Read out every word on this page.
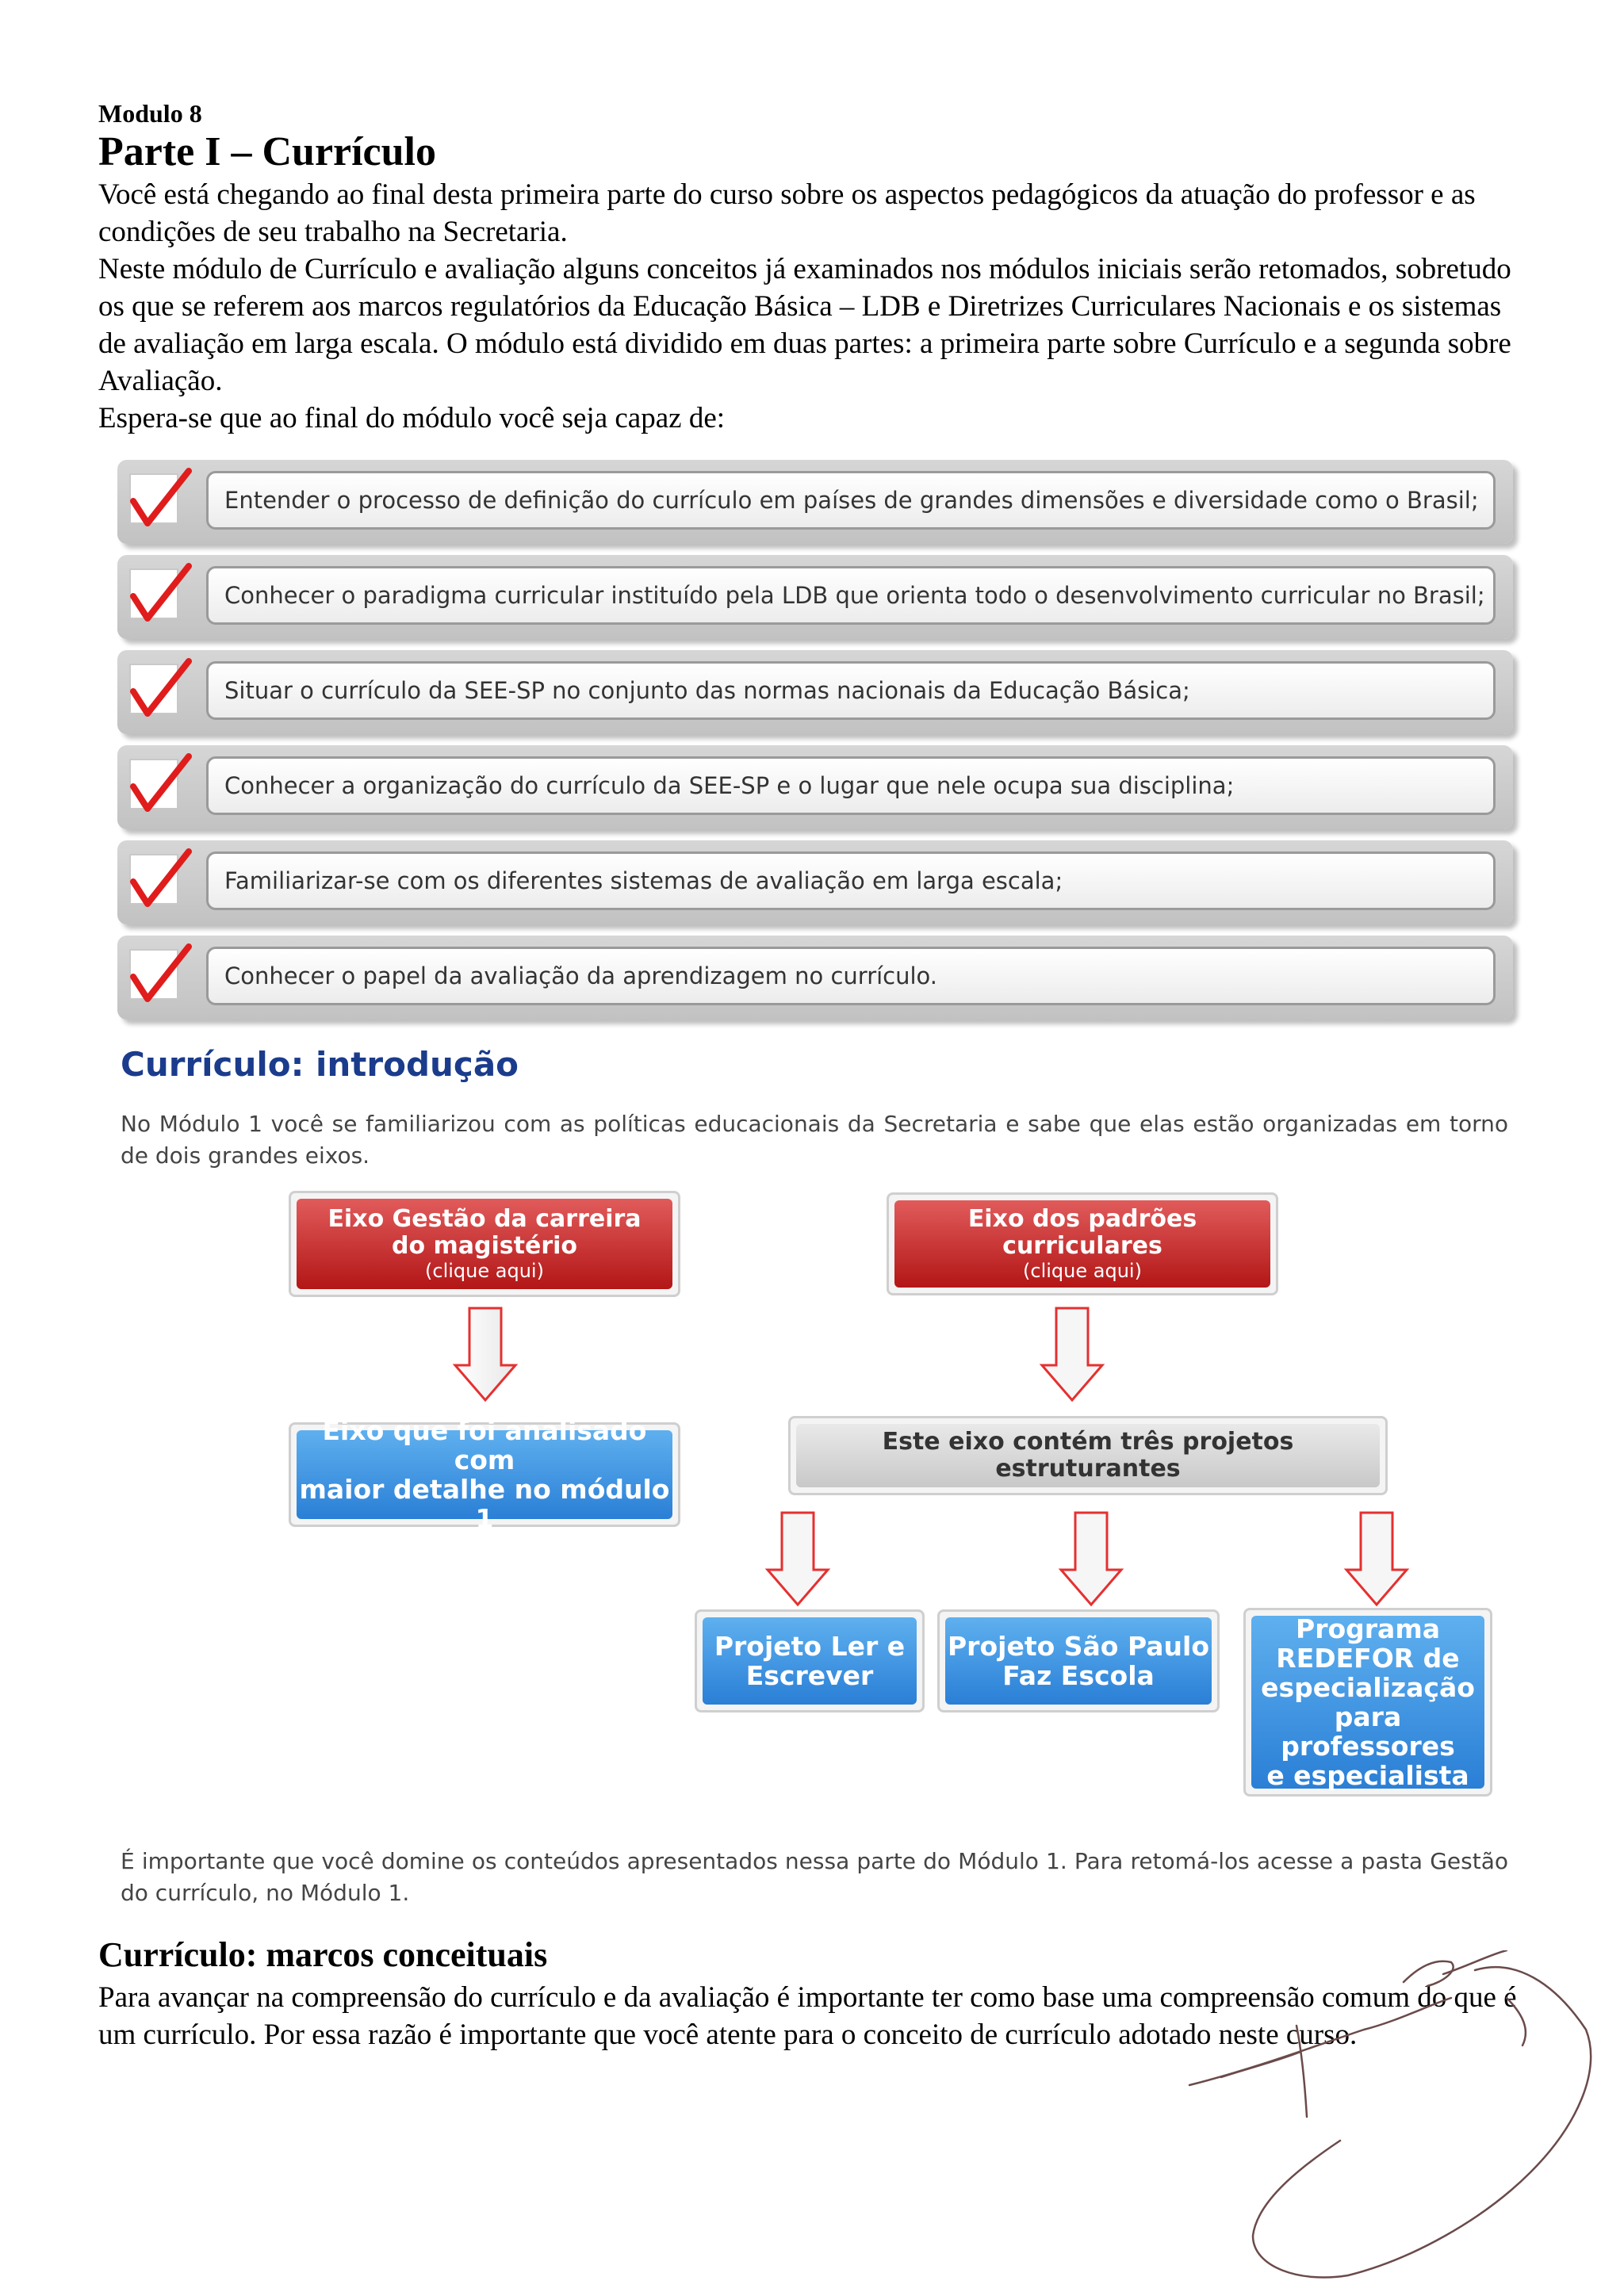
Modulo 8
Parte I – Currículo

Você está chegando ao final desta primeira parte do curso sobre os aspectos pedagógicos da atuação do professor e as condições de seu trabalho na Secretaria.

Neste módulo de Currículo e avaliação alguns conceitos já examinados nos módulos iniciais serão retomados, sobretudo os que se referem aos marcos regulatórios da Educação Básica – LDB e Diretrizes Curriculares Nacionais e os sistemas de avaliação em larga escala. O módulo está dividido em duas partes: a primeira parte sobre Currículo e a segunda sobre Avaliação.

Espera-se que ao final do módulo você seja capaz de:

Entender o processo de definição do currículo em países de grandes dimensões e diversidade como o Brasil;
Conhecer o paradigma curricular instituído pela LDB que orienta todo o desenvolvimento curricular no Brasil;
Situar o currículo da SEE-SP no conjunto das normas nacionais da Educação Básica;
Conhecer a organização do currículo da SEE-SP e o lugar que nele ocupa sua disciplina;
Familiarizar-se com os diferentes sistemas de avaliação em larga escala;
Conhecer o papel da avaliação da aprendizagem no currículo.
Currículo: introdução
No Módulo 1 você se familiarizou com as políticas educacionais da Secretaria e sabe que elas estão organizadas em torno de dois grandes eixos.
Eixo Gestão da carreira
do magistério
(clique aqui)
Eixo dos padrões
curriculares
(clique aqui)
Eixo que foi analisado com
maior detalhe no módulo 1
Este eixo contém três projetos estruturantes
Projeto Ler e
Escrever
Projeto São Paulo
Faz Escola
Programa
REDEFOR de
especialização
para professores
e especialista
É importante que você domine os conteúdos apresentados nessa parte do Módulo 1. Para retomá-los acesse a pasta Gestão do currículo, no Módulo 1.
Currículo: marcos conceituais

Para avançar na compreensão do currículo e da avaliação é importante ter como base uma compreensão comum do que é um currículo. Por essa razão é importante que você atente para o conceito de currículo adotado neste curso.
